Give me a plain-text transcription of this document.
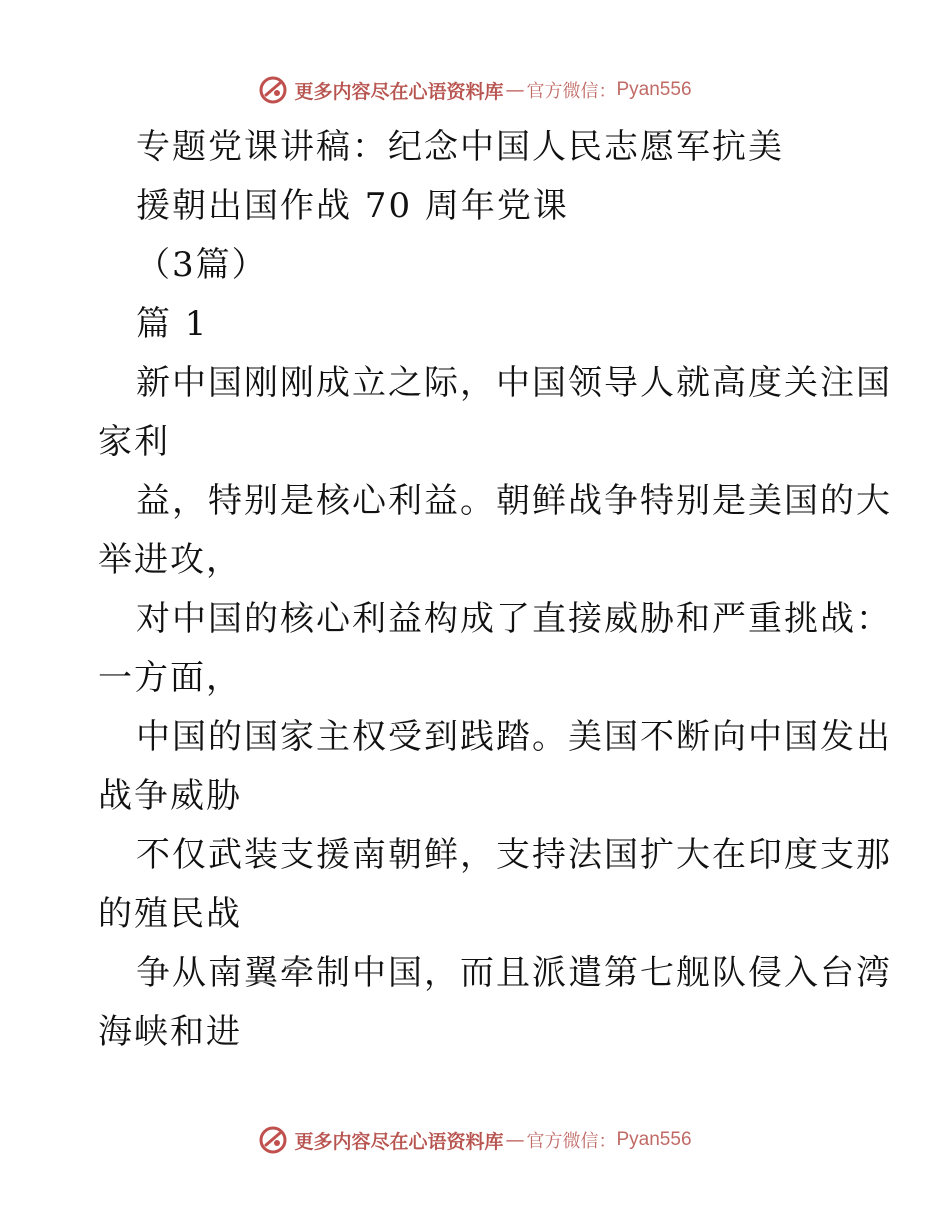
更多内容尽在心语资料库 — 官方微信： Pyan556
专题党课讲稿：纪念中国人民志愿军抗美
援朝出国作战 70 周年党课
（3篇）
篇 1
新中国刚刚成立之际，中国领导人就高度关注国
家利
益，特别是核心利益。朝鲜战争特别是美国的大
举进攻，
对中国的核心利益构成了直接威胁和严重挑战：
一方面，
中国的国家主权受到践踏。美国不断向中国发出
战争威胁
不仅武装支援南朝鲜，支持法国扩大在印度支那
的殖民战
争从南翼牵制中国，而且派遣第七舰队侵入台湾
海峡和进
更多内容尽在心语资料库 — 官方微信： Pyan556
